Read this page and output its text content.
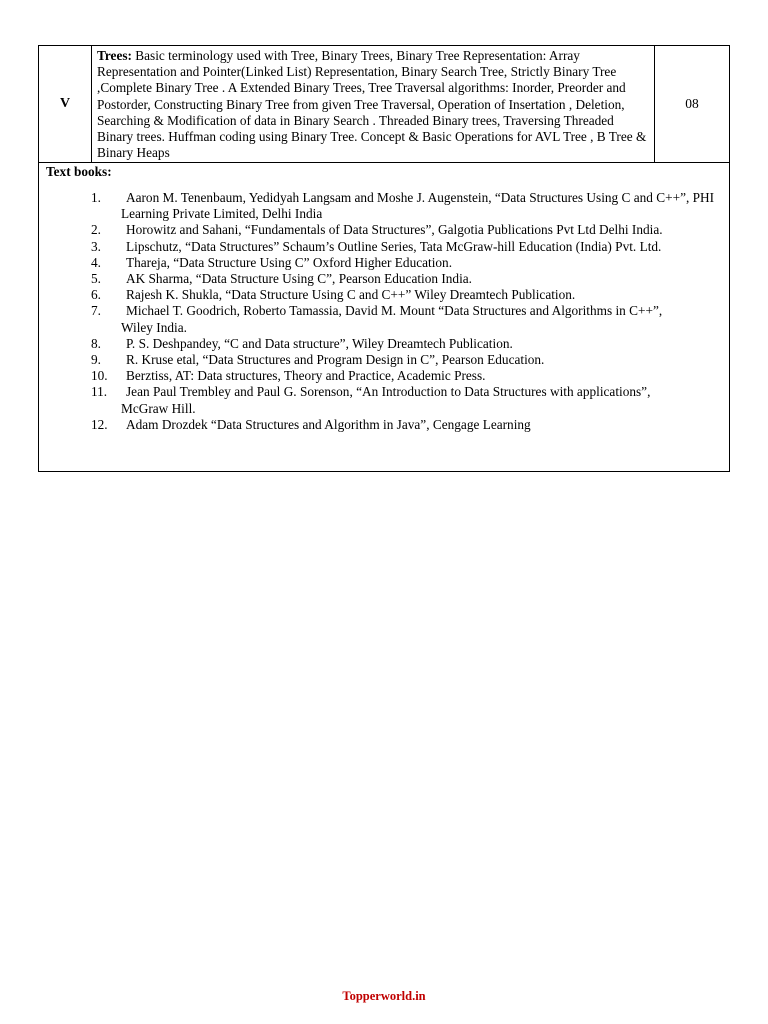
V
Trees: Basic terminology used with Tree, Binary Trees, Binary Tree Representation: Array Representation and Pointer(Linked List) Representation, Binary Search Tree, Strictly Binary Tree ,Complete Binary Tree . A Extended Binary Trees, Tree Traversal algorithms: Inorder, Preorder and Postorder, Constructing Binary Tree from given Tree Traversal, Operation of Insertation , Deletion, Searching & Modification of data in Binary Search . Threaded Binary trees, Traversing Threaded Binary trees. Huffman coding using Binary Tree. Concept & Basic Operations for AVL Tree , B Tree & Binary Heaps
08
Text books:
1. Aaron M. Tenenbaum, Yedidyah Langsam and Moshe J. Augenstein, “Data Structures Using C and C++”, PHI
Learning Private Limited, Delhi India
2. Horowitz and Sahani, “Fundamentals of Data Structures”, Galgotia Publications Pvt Ltd Delhi India.
3. Lipschutz, “Data Structures” Schaum’s Outline Series, Tata McGraw-hill Education (India) Pvt. Ltd.
4. Thareja, “Data Structure Using C” Oxford Higher Education.
5. AK Sharma, “Data Structure Using C”, Pearson Education India.
6. Rajesh K. Shukla, “Data Structure Using C and C++” Wiley Dreamtech Publication.
7. Michael T. Goodrich, Roberto Tamassia, David M. Mount “Data Structures and Algorithms in C++”,
Wiley India.
8. P. S. Deshpandey, “C and Data structure”, Wiley Dreamtech Publication.
9. R. Kruse etal, “Data Structures and Program Design in C”, Pearson Education.
10. Berztiss, AT: Data structures, Theory and Practice, Academic Press.
11. Jean Paul Trembley and Paul G. Sorenson, “An Introduction to Data Structures with applications”,
McGraw Hill.
12. Adam Drozdek “Data Structures and Algorithm in Java”, Cengage Learning
Topperworld.in
